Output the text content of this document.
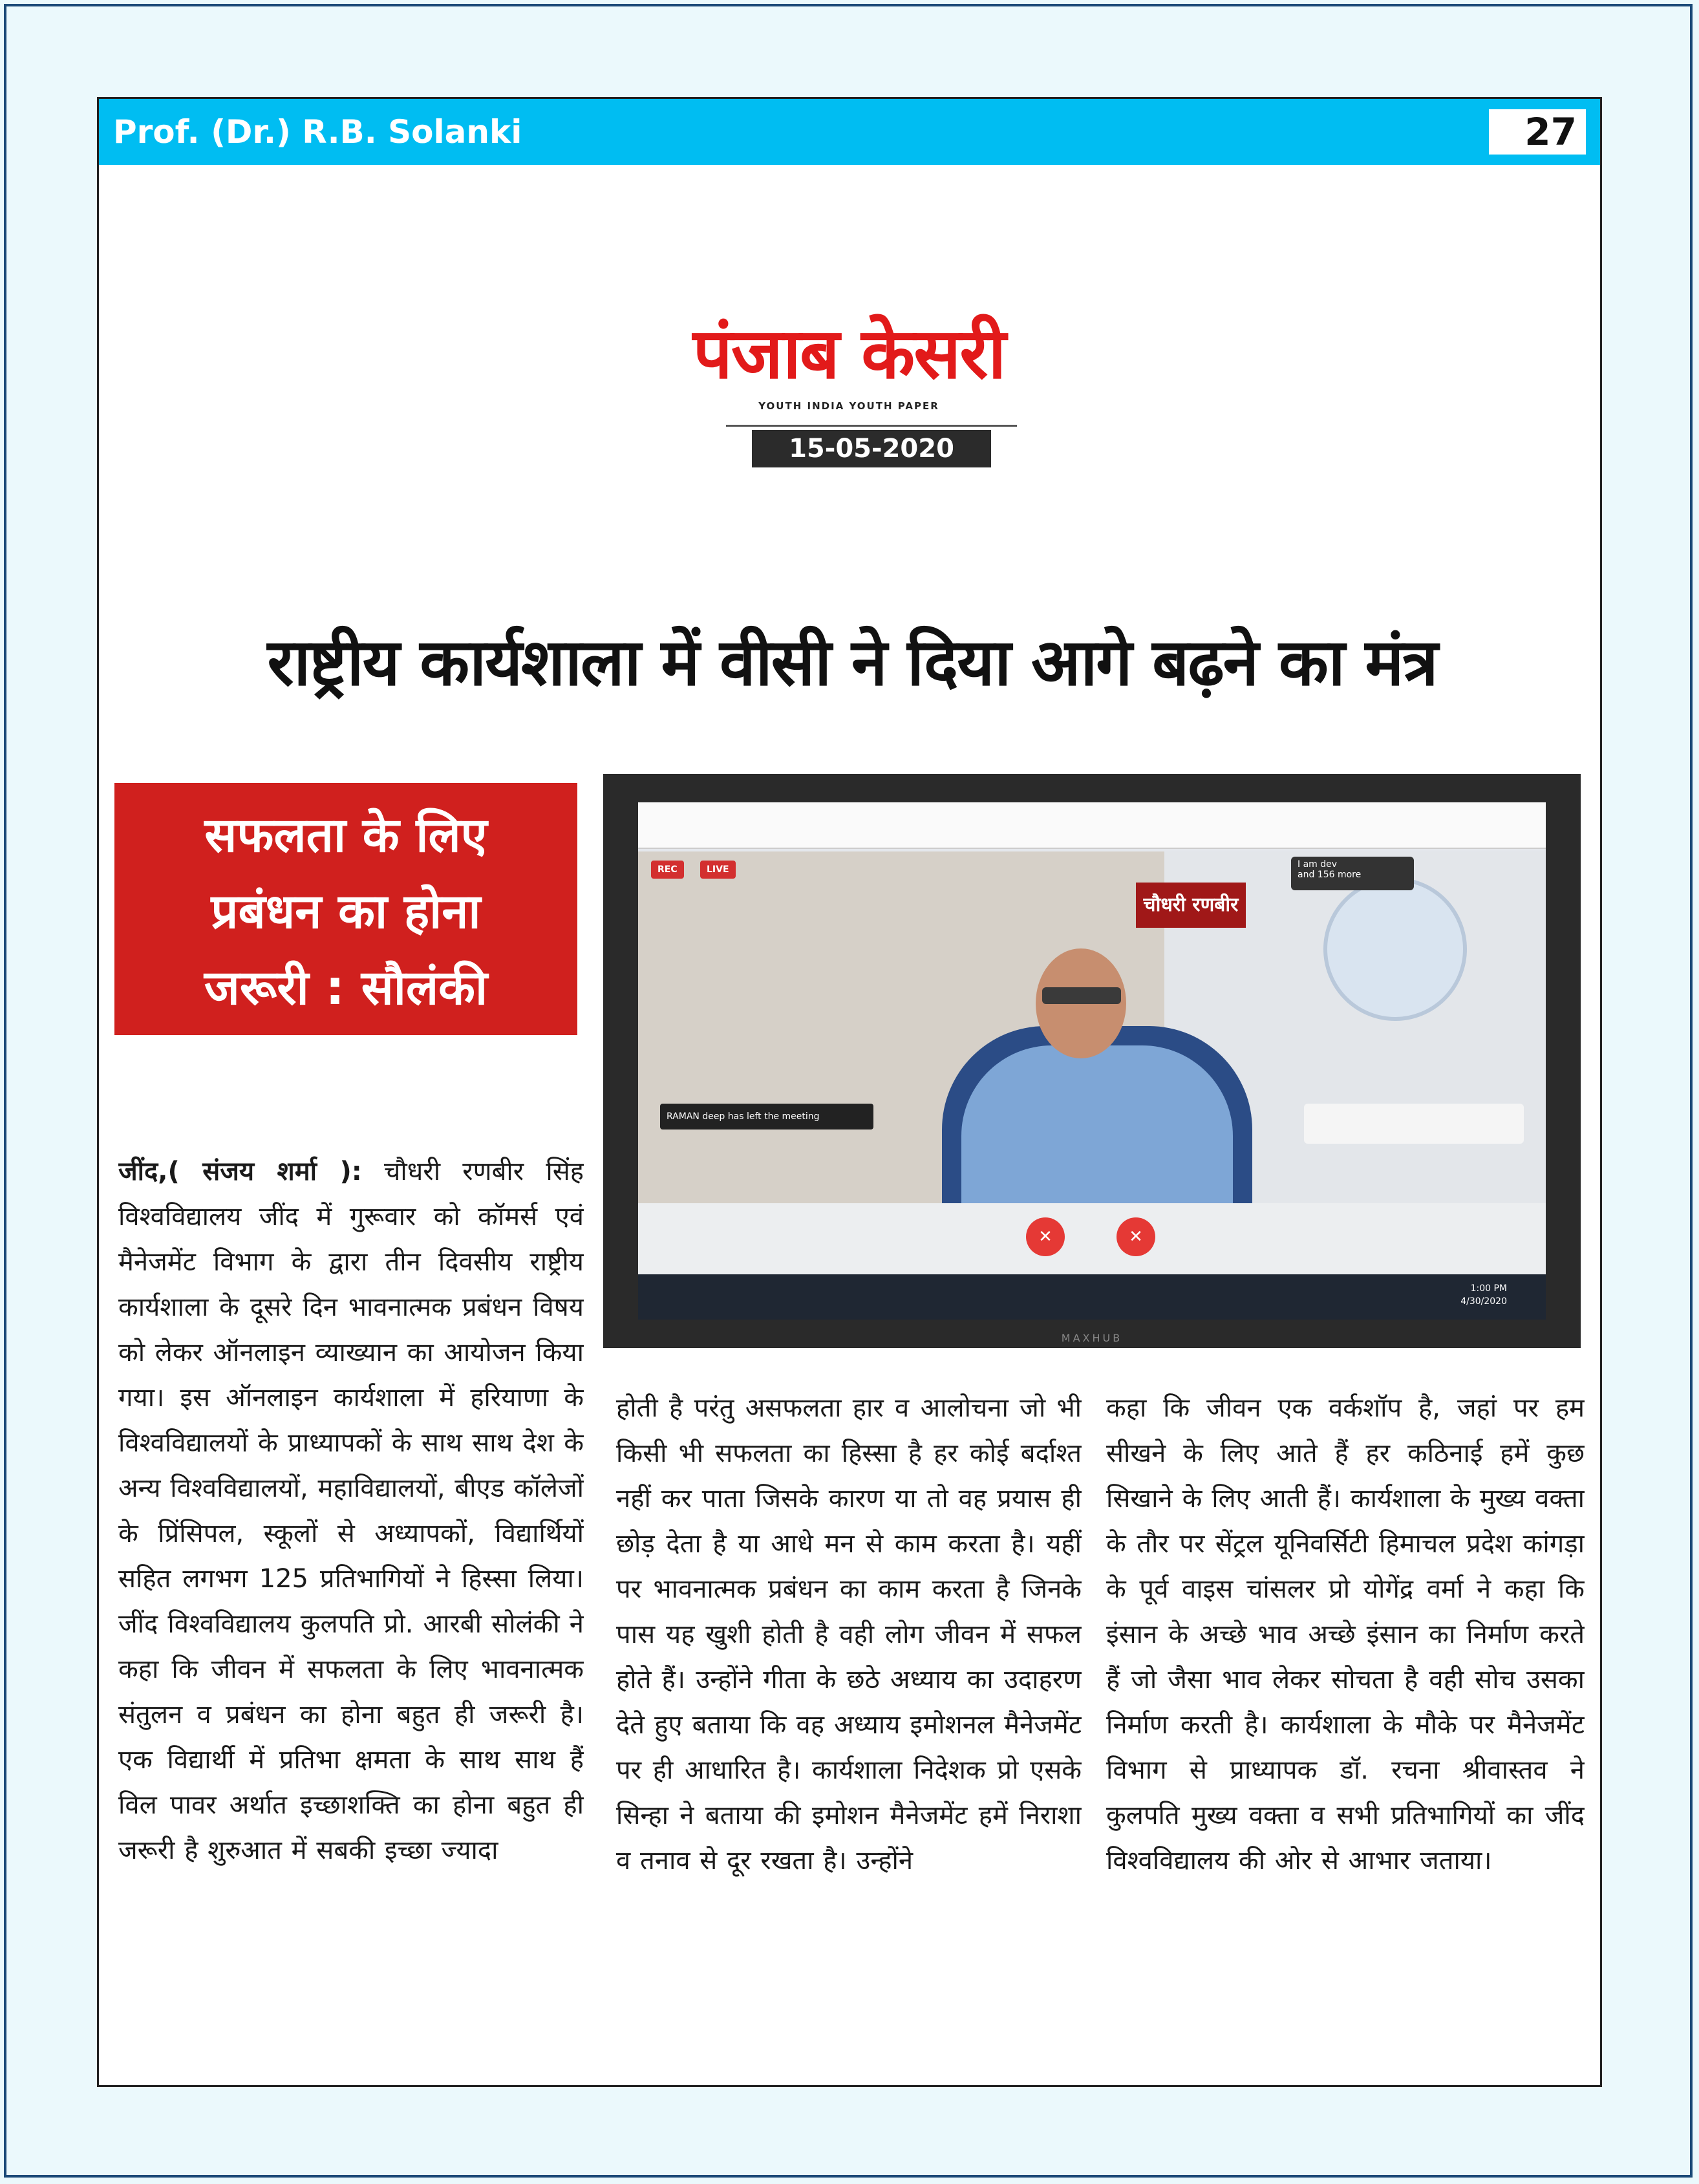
Prof. (Dr.) R.B. Solanki	27
पंजाब केसरी
YOUTH INDIA YOUTH PAPER
15-05-2020
राष्ट्रीय कार्यशाला में वीसी ने दिया आगे बढ़ने का मंत्र
सफलता के लिए
प्रबंधन का होना
जरूरी : सौलंकी
चौधरी रणबीर
REC	LIVE	I am dev
and 156 more
RAMAN deep has left the meeting
✕	✕
1:00 PM
4/30/2020
MAXHUB
जींद,( संजय शर्मा ): चौधरी रणबीर सिंह विश्वविद्यालय जींद में गुरूवार को कॉमर्स एवं मैनेजमेंट विभाग के द्वारा तीन दिवसीय राष्ट्रीय कार्यशाला के दूसरे दिन भावनात्मक प्रबंधन विषय को लेकर ऑनलाइन व्याख्यान का आयोजन किया गया। इस ऑनलाइन कार्यशाला में हरियाणा के विश्वविद्यालयों के प्राध्यापकों के साथ साथ देश के अन्य विश्वविद्यालयों, महाविद्यालयों, बीएड कॉलेजों के प्रिंसिपल, स्कूलों से अध्यापकों, विद्यार्थियों सहित लगभग 125 प्रतिभागियों ने हिस्सा लिया। जींद विश्वविद्यालय कुलपति प्रो. आरबी सोलंकी ने कहा कि जीवन में सफलता के लिए भावनात्मक संतुलन व प्रबंधन का होना बहुत ही जरूरी है। एक विद्यार्थी में प्रतिभा क्षमता के साथ साथ हैं विल पावर अर्थात इच्छाशक्ति का होना बहुत ही जरूरी है शुरुआत में सबकी इच्छा ज्यादा
होती है परंतु असफलता हार व आलोचना जो भी किसी भी सफलता का हिस्सा है हर कोई बर्दाश्त नहीं कर पाता जिसके कारण या तो वह प्रयास ही छोड़ देता है या आधे मन से काम करता है। यहीं पर भावनात्मक प्रबंधन का काम करता है जिनके पास यह खुशी होती है वही लोग जीवन में सफल होते हैं। उन्होंने गीता के छठे अध्याय का उदाहरण देते हुए बताया कि वह अध्याय इमोशनल मैनेजमेंट पर ही आधारित है। कार्यशाला निदेशक प्रो एसके सिन्हा ने बताया की इमोशन मैनेजमेंट हमें निराशा व तनाव से दूर रखता है। उन्होंने
कहा कि जीवन एक वर्कशॉप है, जहां पर हम सीखने के लिए आते हैं हर कठिनाई हमें कुछ सिखाने के लिए आती हैं। कार्यशाला के मुख्य वक्ता के तौर पर सेंट्रल यूनिवर्सिटी हिमाचल प्रदेश कांगड़ा के पूर्व वाइस चांसलर प्रो योगेंद्र वर्मा ने कहा कि इंसान के अच्छे भाव अच्छे इंसान का निर्माण करते हैं जो जैसा भाव लेकर सोचता है वही सोच उसका निर्माण करती है। कार्यशाला के मौके पर मैनेजमेंट विभाग से प्राध्यापक डॉ. रचना श्रीवास्तव ने कुलपति मुख्य वक्ता व सभी प्रतिभागियों का जींद विश्वविद्यालय की ओर से आभार जताया।
